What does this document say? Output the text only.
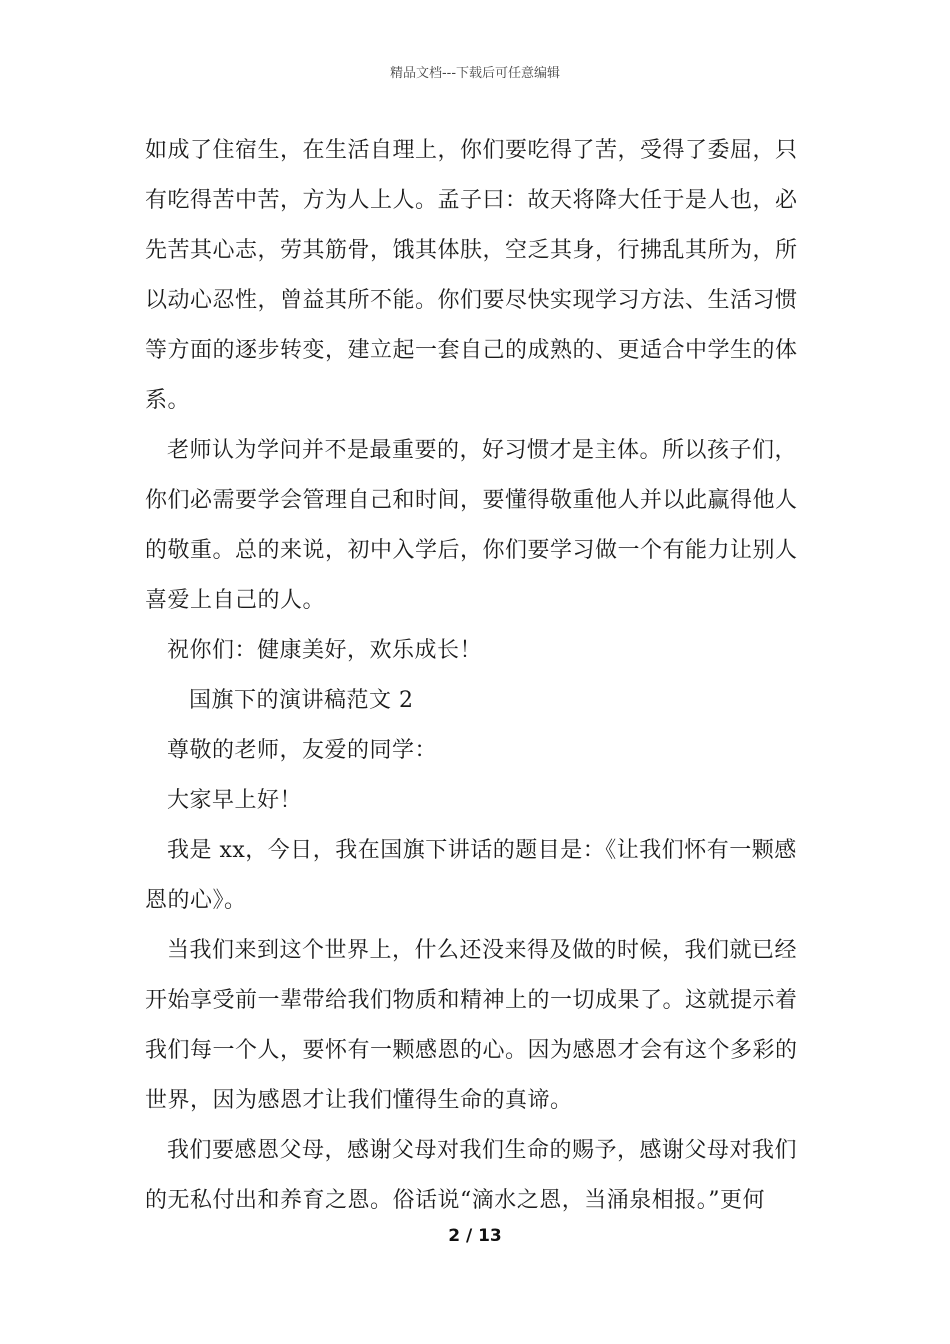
精品文档---下载后可任意编辑
如成了住宿生，在生活自理上，你们要吃得了苦，受得了委屈，只
有吃得苦中苦，方为人上人。孟子曰：故天将降大任于是人也，必
先苦其心志，劳其筋骨，饿其体肤，空乏其身，行拂乱其所为，所
以动心忍性，曾益其所不能。你们要尽快实现学习方法、生活习惯
等方面的逐步转变，建立起一套自己的成熟的、更适合中学生的体
系。
老师认为学问并不是最重要的，好习惯才是主体。所以孩子们，
你们必需要学会管理自己和时间，要懂得敬重他人并以此赢得他人
的敬重。总的来说，初中入学后，你们要学习做一个有能力让别人
喜爱上自己的人。
祝你们：健康美好，欢乐成长！
国旗下的演讲稿范文 2
尊敬的老师，友爱的同学：
大家早上好！
我是 xx，今日，我在国旗下讲话的题目是：《让我们怀有一颗感
恩的心》。
当我们来到这个世界上，什么还没来得及做的时候，我们就已经
开始享受前一辈带给我们物质和精神上的一切成果了。这就提示着
我们每一个人，要怀有一颗感恩的心。因为感恩才会有这个多彩的
世界，因为感恩才让我们懂得生命的真谛。
我们要感恩父母，感谢父母对我们生命的赐予，感谢父母对我们
的无私付出和养育之恩。俗话说“滴水之恩，当涌泉相报。”更何
2 / 13
